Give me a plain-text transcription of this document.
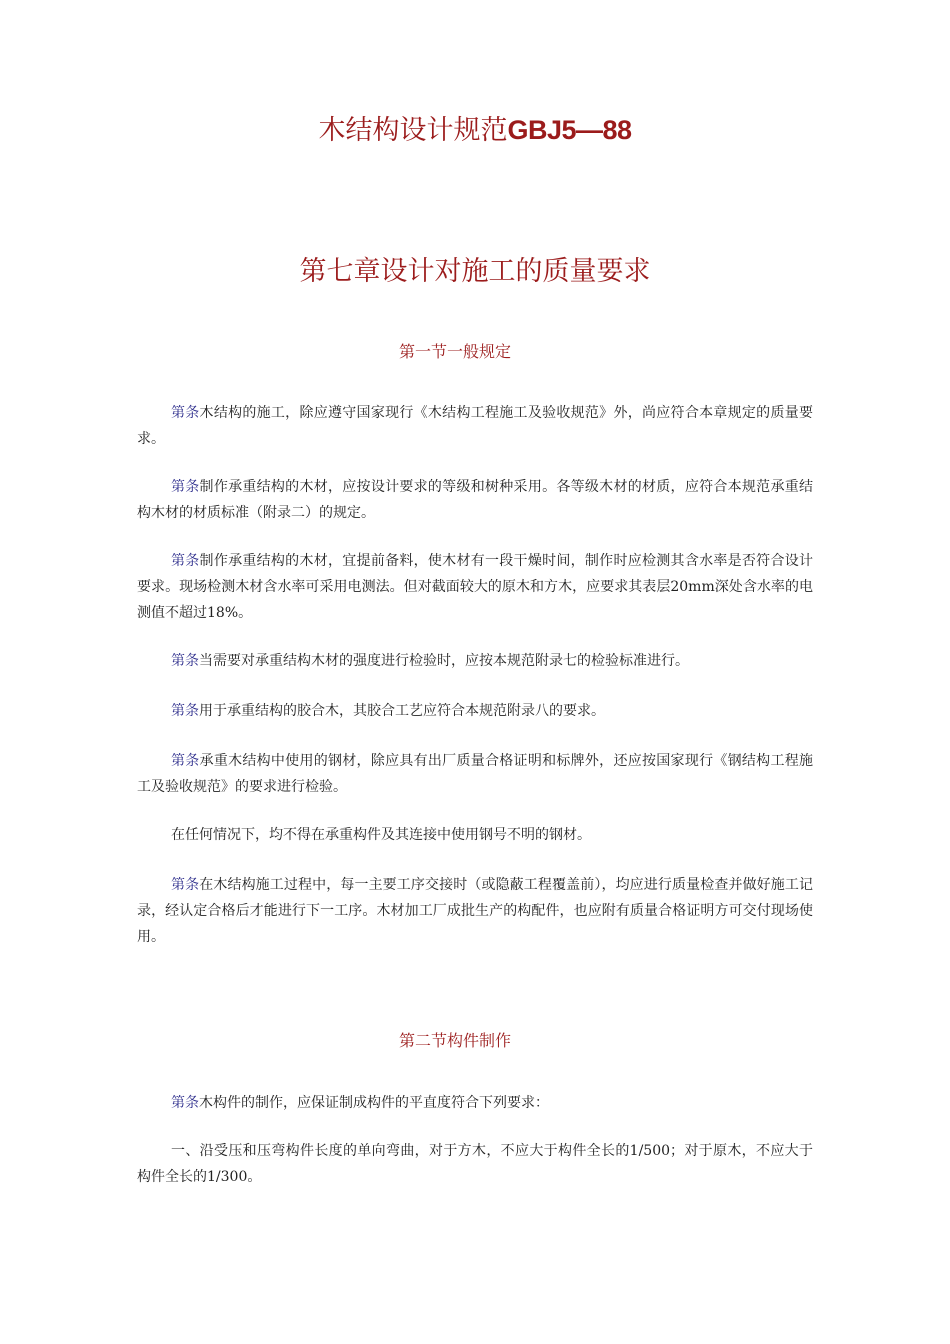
木结构设计规范GBJ5—88
第七章设计对施工的质量要求
第一节一般规定
第条木结构的施工，除应遵守国家现行《木结构工程施工及验收规范》外，尚应符合本章规定的质量要求。
第条制作承重结构的木材，应按设计要求的等级和树种采用。各等级木材的材质，应符合本规范承重结构木材的材质标准（附录二）的规定。
第条制作承重结构的木材，宜提前备料，使木材有一段干燥时间，制作时应检测其含水率是否符合设计要求。现场检测木材含水率可采用电测法。但对截面较大的原木和方木，应要求其表层20mm深处含水率的电测值不超过18%。
第条当需要对承重结构木材的强度进行检验时，应按本规范附录七的检验标准进行。
第条用于承重结构的胶合木，其胶合工艺应符合本规范附录八的要求。
第条承重木结构中使用的钢材，除应具有出厂质量合格证明和标牌外，还应按国家现行《钢结构工程施工及验收规范》的要求进行检验。
在任何情况下，均不得在承重构件及其连接中使用钢号不明的钢材。
第条在木结构施工过程中，每一主要工序交接时（或隐蔽工程覆盖前），均应进行质量检查并做好施工记录，经认定合格后才能进行下一工序。木材加工厂成批生产的构配件，也应附有质量合格证明方可交付现场使用。
第二节构件制作
第条木构件的制作，应保证制成构件的平直度符合下列要求：
一、沿受压和压弯构件长度的单向弯曲，对于方木，不应大于构件全长的1/500；对于原木，不应大于构件全长的1/300。
